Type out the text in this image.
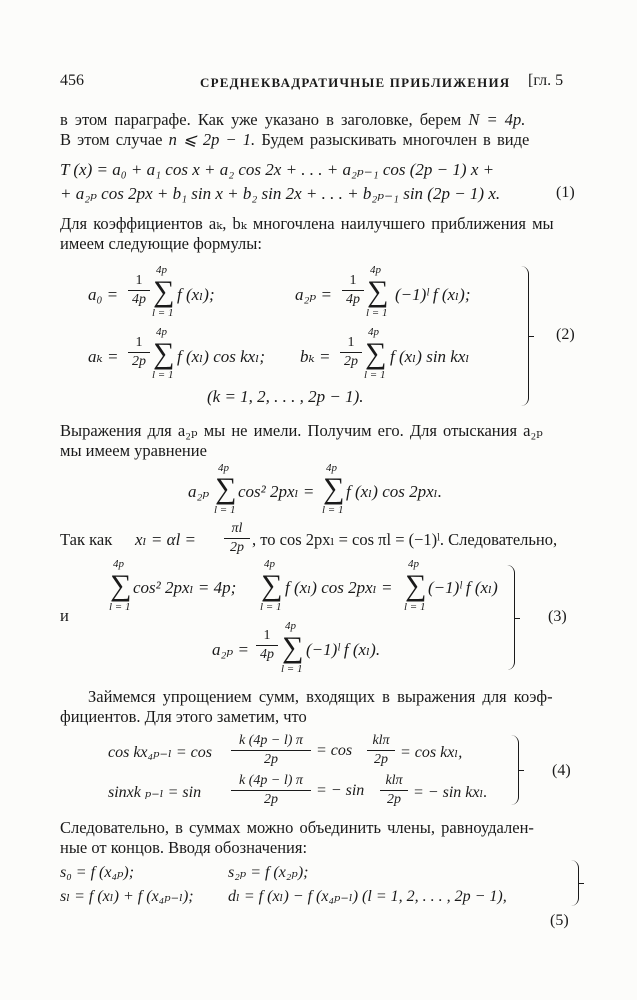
456	СРЕДНЕКВАДРАТИЧНЫЕ ПРИБЛИЖЕНИЯ [гл. 5
в этом параграфе. Как уже указано в заголовке, берем N = 4p.
В этом случае n ⩽ 2p − 1. Будем разыскивать многочлен в виде
T (x) = a₀ + a₁ cos x + a₂ cos 2x + . . . + a₂ₚ₋₁ cos (2p − 1) x +
+ a₂ₚ cos 2px + b₁ sin x + b₂ sin 2x + . . . + b₂ₚ₋₁ sin (2p − 1) x.	(1)
Для коэффициентов aₖ, bₖ многочлена наилучшего приближения мы
имеем следующие формулы:
a₀ =
1
4p
4p
∑
l = 1
f (xₗ);	a₂ₚ =
1
4p
4p
∑
l = 1
(−1)ˡ f (xₗ);
aₖ =
1
2p
4p
∑
l = 1
f (xₗ) cos kxₗ; bₖ =
1
2p
4p
∑
l = 1
f (xₗ) sin kxₗ
(k = 1, 2, . . . , 2p − 1).
(2)
Выражения для a₂ₚ мы не имели. Получим его. Для отыскания a₂ₚ
мы имеем уравнение
a₂ₚ
4p
∑
l = 1
cos² 2pxₗ =
4p
∑
l = 1
f (xₗ) cos 2pxₗ.
Так как xₗ = αl =
πl
2p , то cos 2pxₗ = cos πl = (−1)ˡ. Следовательно,
4p
∑
l = 1
cos² 2pxₗ = 4p;
4p
∑
l = 1
f (xₗ) cos 2pxₗ =
4p
∑
l = 1
(−1)ˡ f (xₗ)
и
a₂ₚ =
1
4p
4p
∑
l = 1
(−1)ˡ f (xₗ).
(3)
Займемся упрощением сумм, входящих в выражения для коэф-
фициентов. Для этого заметим, что
cos kx₄ₚ₋ₗ = cos
k (4p − l) π
2p
= cos
klπ
2p = cos kxₗ,
sinxk ₚ₋ₗ = sin
k (4p − l) π
2p
= − sin
klπ
2p = − sin kxₗ.
(4)
Следовательно, в суммах можно объединить члены, равноудален-
ные от концов. Вводя обозначения:
s₀ = f (x₄ₚ);	s₂ₚ = f (x₂ₚ);
sₗ = f (xₗ) + f (x₄ₚ₋ₗ); dₗ = f (xₗ) − f (x₄ₚ₋ₗ) (l = 1, 2, . . . , 2p − 1),
(5)
